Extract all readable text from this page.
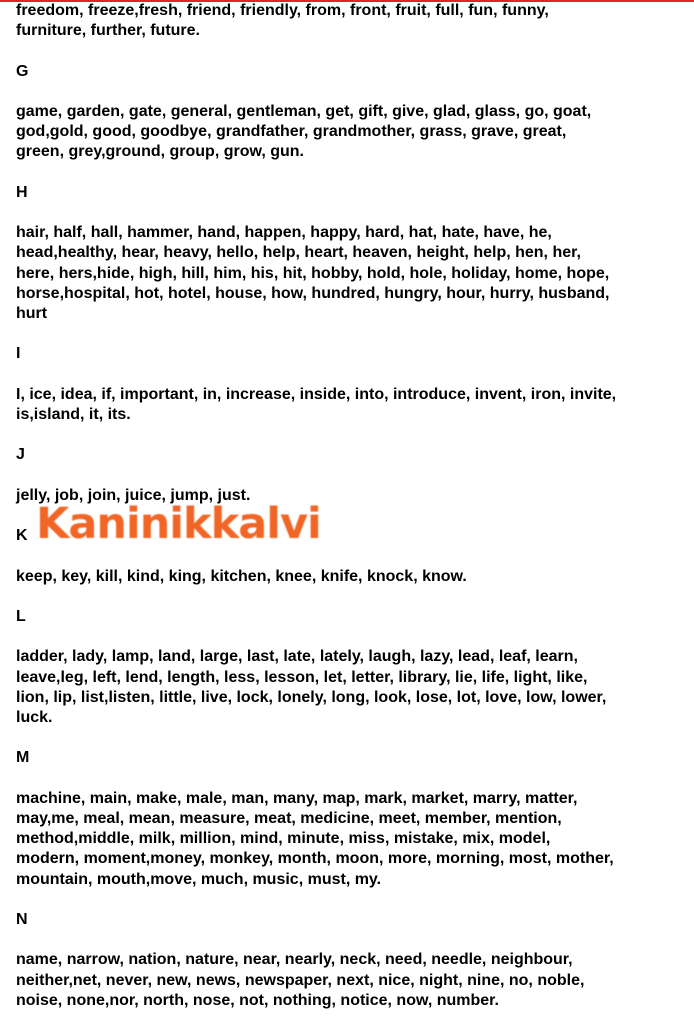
freedom, freeze,fresh, friend, friendly, from, front, fruit, full, fun, funny,
furniture, further, future.

G

game, garden, gate, general, gentleman, get, gift, give, glad, glass, go, goat,
god,gold, good, goodbye, grandfather, grandmother, grass, grave, great,
green, grey,ground, group, grow, gun.

H

hair, half, hall, hammer, hand, happen, happy, hard, hat, hate, have, he,
head,healthy, hear, heavy, hello, help, heart, heaven, height, help, hen, her,
here, hers,hide, high, hill, him, his, hit, hobby, hold, hole, holiday, home, hope,
horse,hospital, hot, hotel, house, how, hundred, hungry, hour, hurry, husband,
hurt

I

I, ice, idea, if, important, in, increase, inside, into, introduce, invent, iron, invite,
is,island, it, its.

J

jelly, job, join, juice, jump, just.

K

keep, key, kill, kind, king, kitchen, knee, knife, knock, know.

L

ladder, lady, lamp, land, large, last, late, lately, laugh, lazy, lead, leaf, learn,
leave,leg, left, lend, length, less, lesson, let, letter, library, lie, life, light, like,
lion, lip, list,listen, little, live, lock, lonely, long, look, lose, lot, love, low, lower,
luck.

M

machine, main, make, male, man, many, map, mark, market, marry, matter,
may,me, meal, mean, measure, meat, medicine, meet, member, mention,
method,middle, milk, million, mind, minute, miss, mistake, mix, model,
modern, moment,money, monkey, month, moon, more, morning, most, mother,
mountain, mouth,move, much, music, must, my.

N

name, narrow, nation, nature, near, nearly, neck, need, needle, neighbour,
neither,net, never, new, news, newspaper, next, nice, night, nine, no, noble,
noise, none,nor, north, nose, not, nothing, notice, now, number.

Kaninikkalvi
